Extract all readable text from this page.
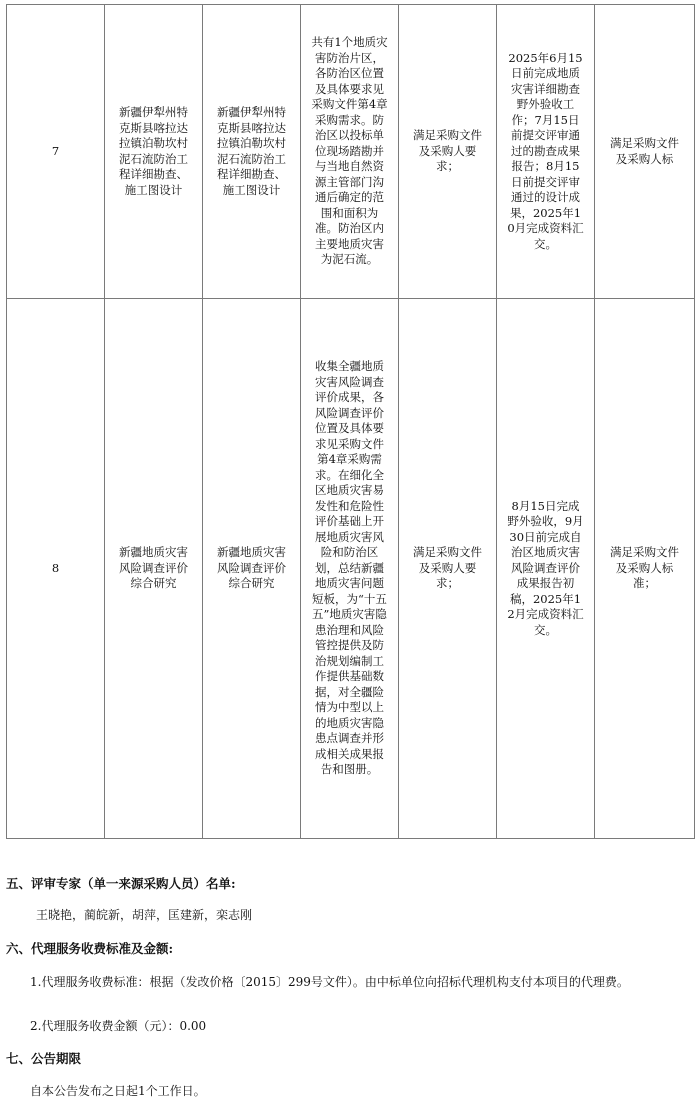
7	新疆伊犁州特克斯县喀拉达拉镇泊勒坎村泥石流防治工程详细勘查、施工图设计	新疆伊犁州特克斯县喀拉达拉镇泊勒坎村泥石流防治工程详细勘查、施工图设计	共有1个地质灾害防治片区，各防治区位置及具体要求见采购文件第4章采购需求。防治区以投标单位现场踏勘并与当地自然资源主管部门沟通后确定的范围和面积为准。防治区内主要地质灾害为泥石流。	满足采购文件及采购人要求；	2025年6月15日前完成地质灾害详细勘查野外验收工作；7月15日前提交评审通过的勘查成果报告；8月15日前提交评审通过的设计成果，2025年10月完成资料汇交。	满足采购文件及采购人标
8	新疆地质灾害风险调查评价综合研究	新疆地质灾害风险调查评价综合研究	收集全疆地质灾害风险调查评价成果，各风险调查评价位置及具体要求见采购文件第4章采购需求。在细化全区地质灾害易发性和危险性评价基础上开展地质灾害风险和防治区划，总结新疆地质灾害问题短板，为“十五五”地质灾害隐患治理和风险管控提供及防治规划编制工作提供基础数据，对全疆险情为中型以上的地质灾害隐患点调查并形成相关成果报告和图册。	满足采购文件及采购人要求；	8月15日完成野外验收，9月30日前完成自治区地质灾害风险调查评价成果报告初稿，2025年12月完成资料汇交。	满足采购文件及采购人标准；
五、评审专家（单一来源采购人员）名单:
王晓艳，蔺皖新，胡萍，匡建新，栾志刚
六、代理服务收费标准及金额:
1.代理服务收费标准：根据（发改价格〔2015〕299号文件）。由中标单位向招标代理机构支付本项目的代理费。
2.代理服务收费金额（元）：0.00
七、公告期限
自本公告发布之日起1个工作日。
